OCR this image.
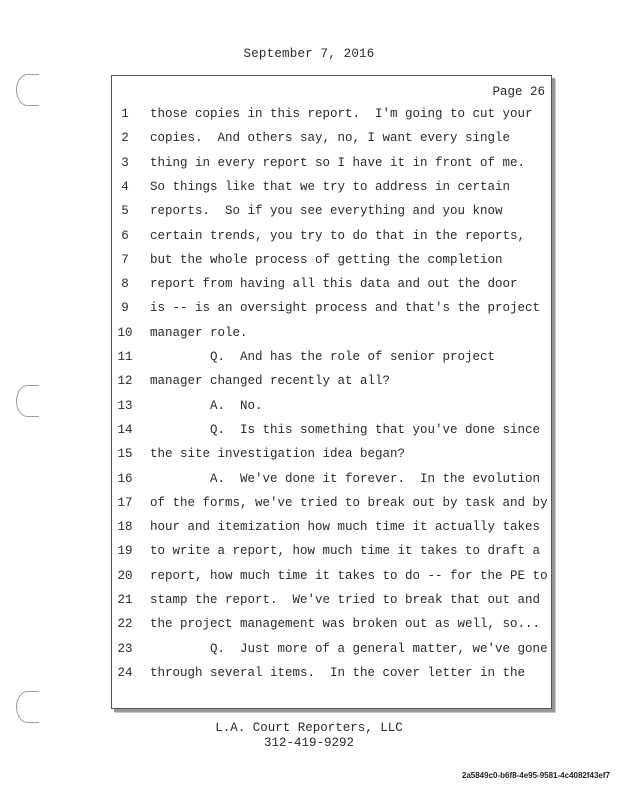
September 7, 2016
Page 26
1	those copies in this report.  I'm going to cut your
2	copies.  And others say, no, I want every single
3	thing in every report so I have it in front of me.
4	So things like that we try to address in certain
5	reports.  So if you see everything and you know
6	certain trends, you try to do that in the reports,
7	but the whole process of getting the completion
8	report from having all this data and out the door
9	is -- is an oversight process and that's the project
10	manager role.
11	Q.  And has the role of senior project
12	manager changed recently at all?
13	A.  No.
14	Q.  Is this something that you've done since
15	the site investigation idea began?
16	A.  We've done it forever.  In the evolution
17	of the forms, we've tried to break out by task and by
18	hour and itemization how much time it actually takes
19	to write a report, how much time it takes to draft a
20	report, how much time it takes to do -- for the PE to
21	stamp the report.  We've tried to break that out and
22	the project management was broken out as well, so...
23	Q.  Just more of a general matter, we've gone
24	through several items.  In the cover letter in the
L.A. Court Reporters, LLC
312-419-9292
2a5849c0-b6f8-4e95-9581-4c4082f43ef7
